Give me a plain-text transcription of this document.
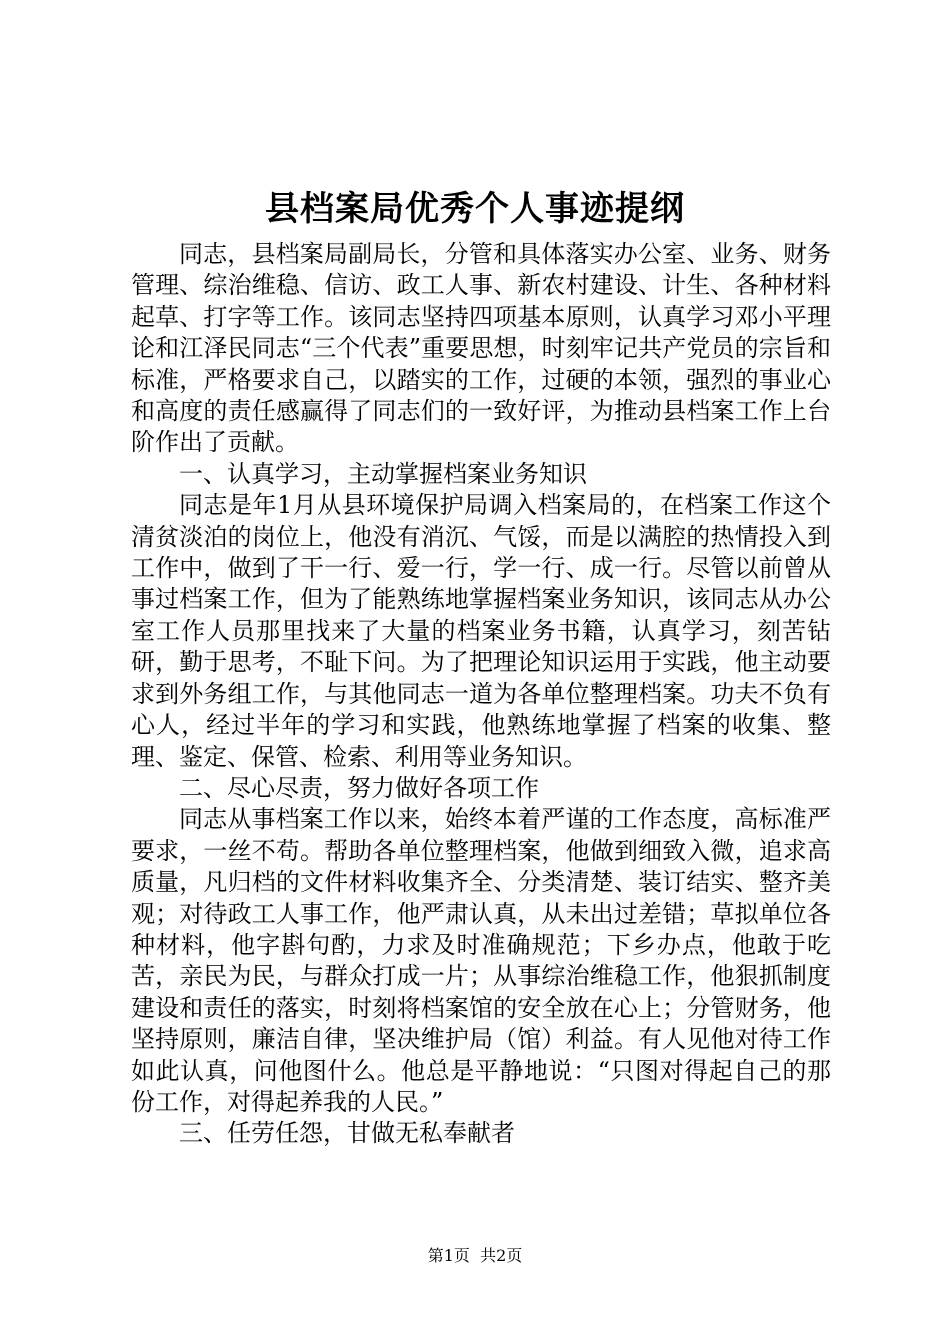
县档案局优秀个人事迹提纲

同志，县档案局副局长，分管和具体落实办公室、业务、财务管理、综治维稳、信访、政工人事、新农村建设、计生、各种材料起草、打字等工作。该同志坚持四项基本原则，认真学习邓小平理论和江泽民同志“三个代表”重要思想，时刻牢记共产党员的宗旨和标准，严格要求自己，以踏实的工作，过硬的本领，强烈的事业心和高度的责任感赢得了同志们的一致好评，为推动县档案工作上台阶作出了贡献。

一、认真学习，主动掌握档案业务知识

同志是年1月从县环境保护局调入档案局的，在档案工作这个清贫淡泊的岗位上，他没有消沉、气馁，而是以满腔的热情投入到工作中，做到了干一行、爱一行，学一行、成一行。尽管以前曾从事过档案工作，但为了能熟练地掌握档案业务知识，该同志从办公室工作人员那里找来了大量的档案业务书籍，认真学习，刻苦钻研，勤于思考，不耻下问。为了把理论知识运用于实践，他主动要求到外务组工作，与其他同志一道为各单位整理档案。功夫不负有心人，经过半年的学习和实践，他熟练地掌握了档案的收集、整理、鉴定、保管、检索、利用等业务知识。

二、尽心尽责，努力做好各项工作

同志从事档案工作以来，始终本着严谨的工作态度，高标准严要求，一丝不苟。帮助各单位整理档案，他做到细致入微，追求高质量，凡归档的文件材料收集齐全、分类清楚、装订结实、整齐美观；对待政工人事工作，他严肃认真，从未出过差错；草拟单位各种材料，他字斟句酌，力求及时准确规范；下乡办点，他敢于吃苦，亲民为民，与群众打成一片；从事综治维稳工作，他狠抓制度建设和责任的落实，时刻将档案馆的安全放在心上；分管财务，他坚持原则，廉洁自律，坚决维护局（馆）利益。有人见他对待工作如此认真，问他图什么。他总是平静地说：“只图对得起自己的那份工作，对得起养我的人民。”

三、任劳任怨，甘做无私奉献者

第1页  共2页
